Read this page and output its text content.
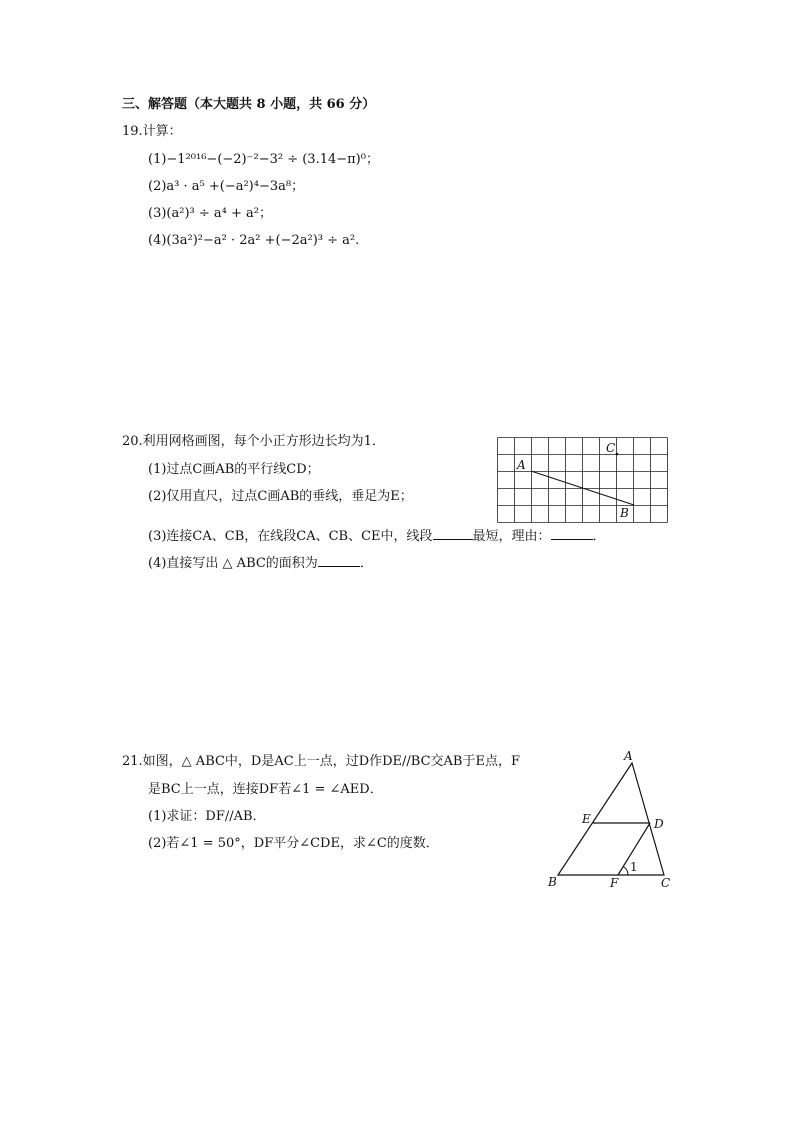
三、解答题（本大题共 8 小题，共 66 分）
19.计算：
(1)−1²⁰¹⁶−(−2)⁻²−3² ÷ (3.14−π)⁰；
(2)a³ · a⁵ +(−a²)⁴−3a⁸；
(3)(a²)³ ÷ a⁴ + a²；
(4)(3a²)²−a² · 2a² +(−2a²)³ ÷ a².
20.利用网格画图，每个小正方形边长均为1．
(1)过点C画AB的平行线CD；
(2)仅用直尺，过点C画AB的垂线，垂足为E；
(3)连接CA、CB，在线段CA、CB、CE中，线段	最短，理由：	．
(4)直接写出 △ ABC的面积为	．
A
B
C
21.如图，△ ABC中，D是AC上一点，过D作DE//BC交AB于E点，F
是BC上一点，连接DF若∠1 = ∠AED．
(1)求证：DF//AB．
(2)若∠1 = 50°，DF平分∠CDE，求∠C的度数．
A
B	C
D
E
F
1
